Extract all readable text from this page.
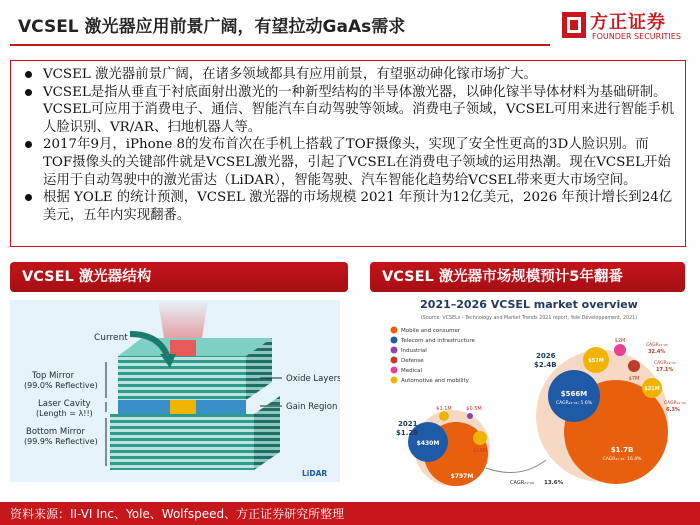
VCSEL 激光器应用前景广阔，有望拉动GaAs需求	方正证券
FOUNDER SECURITIES
VCSEL 激光器前景广阔，在诸多领域都具有应用前景，有望驱动砷化镓市场扩大。
VCSEL是指从垂直于衬底面射出激光的一种新型结构的半导体激光器，以砷化镓半导体材料为基础研制。VCSEL可应用于消费电子、通信、智能汽车自动驾驶等领域。消费电子领域，VCSEL可用来进行智能手机人脸识别、VR/AR、扫地机器人等。
2017年9月，iPhone 8的发布首次在手机上搭载了TOF摄像头，实现了安全性更高的3D人脸识别。而TOF摄像头的关键部件就是VCSEL激光器，引起了VCSEL在消费电子领域的运用热潮。现在VCSEL开始运用于自动驾驶中的激光雷达（LiDAR），智能驾驶、汽车智能化趋势给VCSEL带来更大市场空间。
根据 YOLE 的统计预测，VCSEL 激光器的市场规模 2021 年预计为12亿美元，2026 年预计增长到24亿美元，五年内实现翻番。
VCSEL 激光器结构	VCSEL 激光器市场规模预计5年翻番
Current
Top Mirror
(99.0% Reflective)
Laser Cavity
(Length = λ!!)
Bottom Mirror
(99.9% Reflective)
Oxide Layers
Gain Region
LiDAR
2021–2026 VCSEL market overview
(Source: VCSELs - Technology and Market Trends 2021 report, Yole Développement, 2021)
Mobile and consumer
Telecom and infrastructure
Industrial
Defense
Medical
Automotive and mobility
$430M
$797M
$1.1M	$0.5M
$16M
2021
$1.2B
$566M
CAGR₂₁-₂₆: 5.6%
$1.7B
CAGR₂₁-₂₆: 16.4%
$57M
$2M
$7M
$21M
CAGR₂₁-₂₆
32.4%
CAGR₂₁-₂₆
17.1%
CAGR₂₁-₂₆
6.3%
2026
$2.4B
CAGR₂₁-₂₆ 13.6%
资料来源：II-VI Inc、Yole、Wolfspeed、方正证券研究所整理
